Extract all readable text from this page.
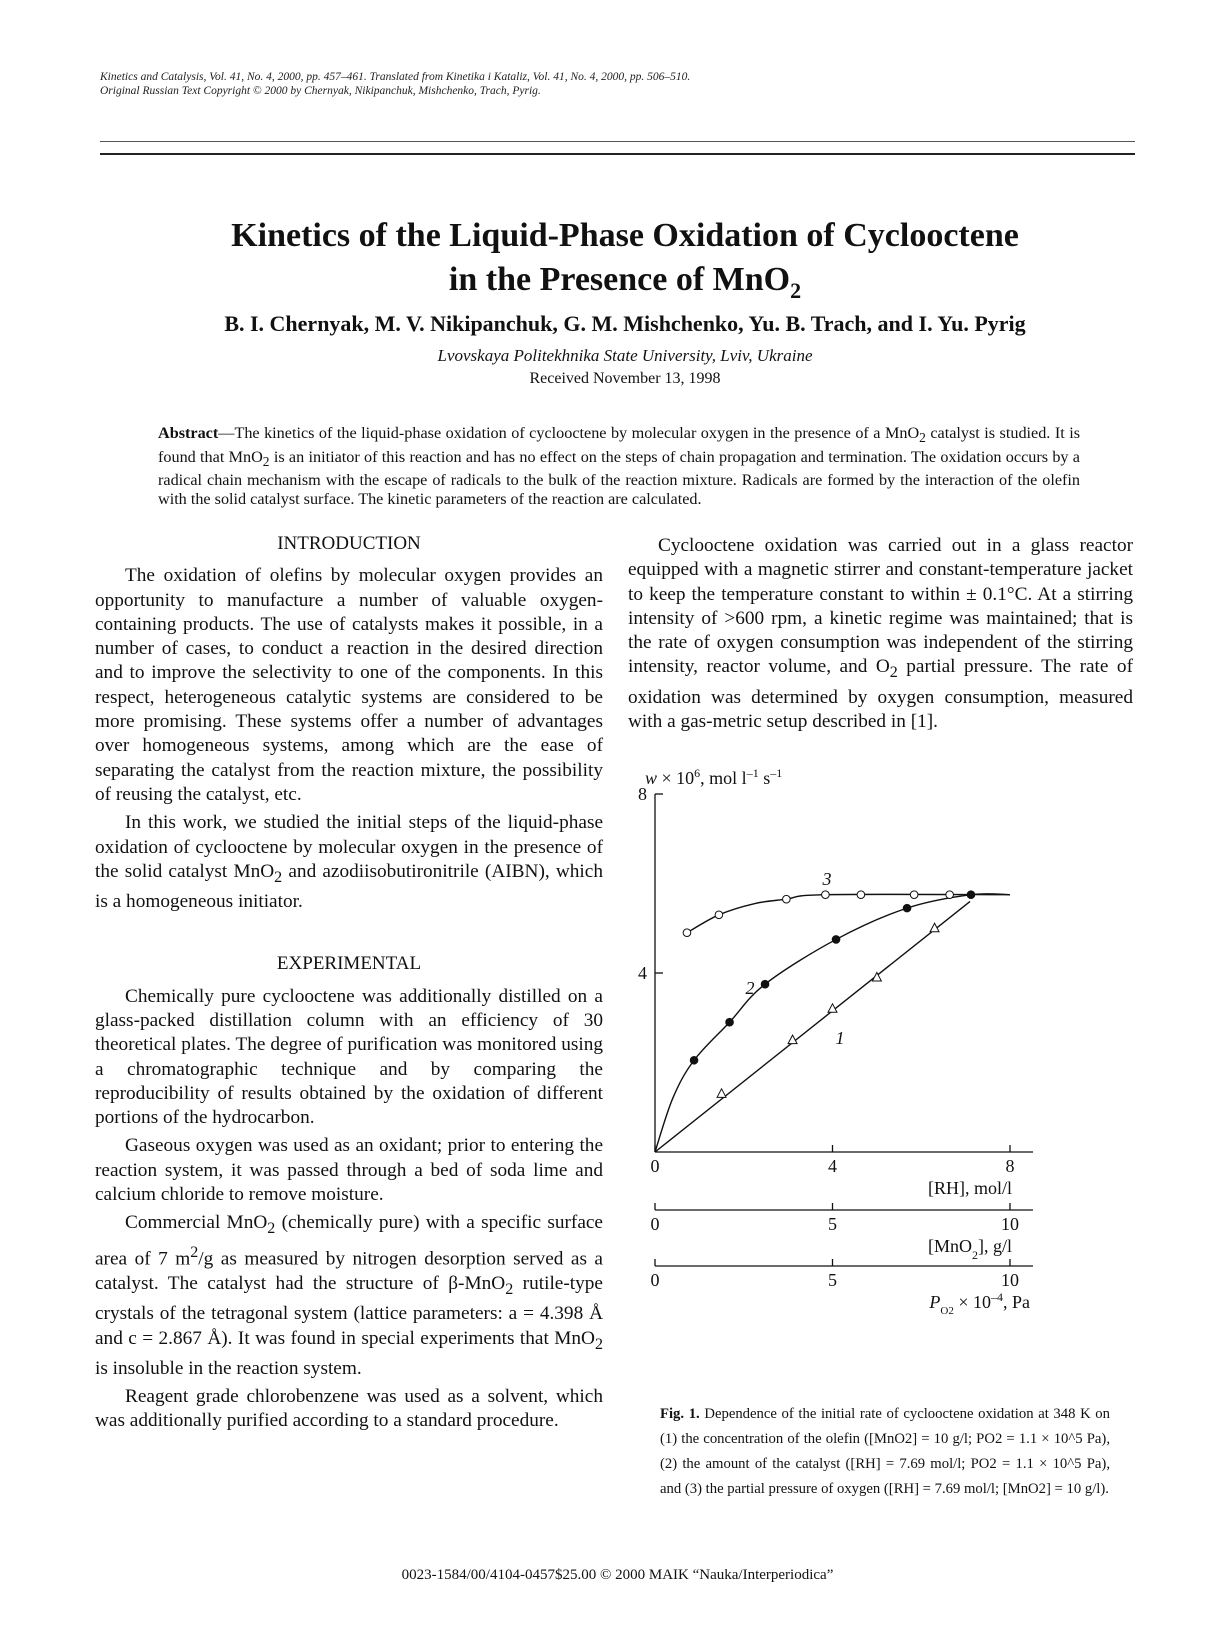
Kinetics and Catalysis, Vol. 41, No. 4, 2000, pp. 457–461. Translated from Kinetika i Kataliz, Vol. 41, No. 4, 2000, pp. 506–510.
Original Russian Text Copyright © 2000 by Chernyak, Nikipanchuk, Mishchenko, Trach, Pyrig.
Kinetics of the Liquid-Phase Oxidation of Cyclooctene
in the Presence of MnO$_2$
B. I. Chernyak, M. V. Nikipanchuk, G. M. Mishchenko, Yu. B. Trach, and I. Yu. Pyrig
Lvovskaya Politekhnika State University, Lviv, Ukraine
Received November 13, 1998
Abstract—The kinetics of the liquid-phase oxidation of cyclooctene by molecular oxygen in the presence of a MnO$_2$ catalyst is studied. It is found that MnO$_2$ is an initiator of this reaction and has no effect on the steps of chain propagation and termination. The oxidation occurs by a radical chain mechanism with the escape of radicals to the bulk of the reaction mixture. Radicals are formed by the interaction of the olefin with the solid catalyst surface. The kinetic parameters of the reaction are calculated.

INTRODUCTION

The oxidation of olefins by molecular oxygen provides an opportunity to manufacture a number of valuable oxygen-containing products. The use of catalysts makes it possible, in a number of cases, to conduct a reaction in the desired direction and to improve the selectivity to one of the components. In this respect, heterogeneous catalytic systems are considered to be more promising. These systems offer a number of advantages over homogeneous systems, among which are the ease of separating the catalyst from the reaction mixture, the possibility of reusing the catalyst, etc.

In this work, we studied the initial steps of the liquid-phase oxidation of cyclooctene by molecular oxygen in the presence of the solid catalyst MnO$_2$ and azodiisobutironitrile (AIBN), which is a homogeneous initiator.

EXPERIMENTAL

Chemically pure cyclooctene was additionally distilled on a glass-packed distillation column with an efficiency of 30 theoretical plates. The degree of purification was monitored using a chromatographic technique and by comparing the reproducibility of results obtained by the oxidation of different portions of the hydrocarbon.

Gaseous oxygen was used as an oxidant; prior to entering the reaction system, it was passed through a bed of soda lime and calcium chloride to remove moisture.

Commercial MnO$_2$ (chemically pure) with a specific surface area of 7 $m^2/g$ as measured by nitrogen desorption served as a catalyst. The catalyst had the structure of β-MnO$_2$ rutile-type crystals of the tetragonal system (lattice parameters: a = 4.398 Å and c = 2.867 Å). It was found in special experiments that MnO$_2$ is insoluble in the reaction system.

Reagent grade chlorobenzene was used as a solvent, which was additionally purified according to a standard procedure.

Cyclooctene oxidation was carried out in a glass reactor equipped with a magnetic stirrer and constant-temperature jacket to keep the temperature constant to within ± 0.1°C. At a stirring intensity of >600 rpm, a kinetic regime was maintained; that is the rate of oxygen consumption was independent of the stirring intensity, reactor volume, and $O_2$ partial pressure. The rate of oxidation was determined by oxygen consumption, measured with a gas-metric setup described in [1].

8
4
$w \times 10^6$, mol $l^{-1}$ $s^{-1}$
0	4	8
0	5	10
0	5	10
[RH], mol/l
[MnO$_2$], g/l
$P_{O2} \times 10^{-4}$, Pa
3
2
1
Fig. 1. Dependence of the initial rate of cyclooctene oxidation at 348 K on (1) the concentration of the olefin ([MnO2] = 10 g/l; PO2 = 1.1 × 10^5 Pa), (2) the amount of the catalyst ([RH] = 7.69 mol/l; PO2 = 1.1 × 10^5 Pa), and (3) the partial pressure of oxygen ([RH] = 7.69 mol/l; [MnO2] = 10 g/l).
0023-1584/00/4104-0457$25.00 © 2000 MAIK “Nauka/Interperiodica”
